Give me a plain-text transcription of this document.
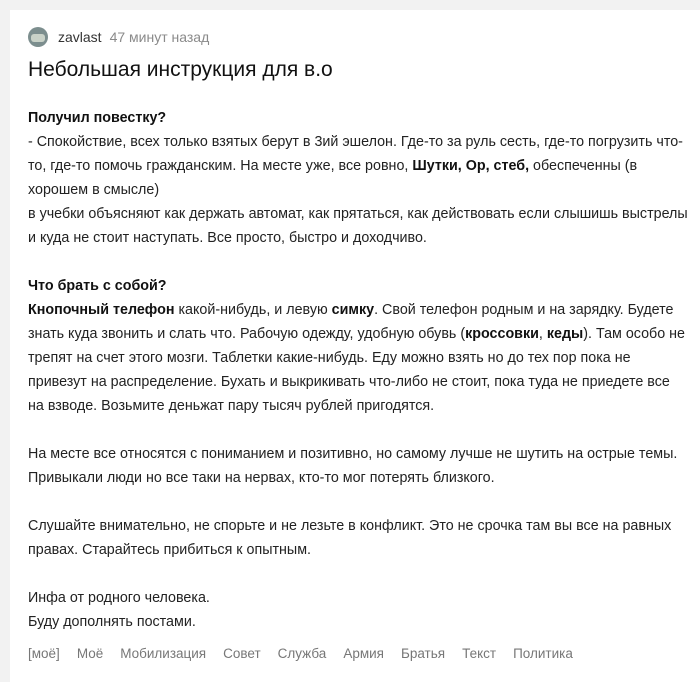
zavlast 47 минут назад
Небольшая инструкция для в.о

Получил повестку?
- Спокойствие, всех только взятых берут в 3ий эшелон. Где-то за руль сесть, где-то погрузить что-то, где-то помочь гражданским. На месте уже, все ровно, Шутки, Ор, стеб, обеспеченны (в хорошем в смысле)
в учебки объясняют как держать автомат, как прятаться, как действовать если слышишь выстрелы и куда не стоит наступать. Все просто, быстро и доходчиво.

Что брать с собой?
Кнопочный телефон какой-нибудь, и левую симку. Свой телефон родным и на зарядку. Будете знать куда звонить и слать что. Рабочую одежду, удобную обувь (кроссовки, кеды). Там особо не трепят на счет этого мозги. Таблетки какие-нибудь. Еду можно взять но до тех пор пока не привезут на распределение. Бухать и выкрикивать что-либо не стоит, пока туда не приедете все на взводе. Возьмите деньжат пару тысяч рублей пригодятся.

На месте все относятся с пониманием и позитивно, но самому лучше не шутить на острые темы. Привыкали люди но все таки на нервах, кто-то мог потерять близкого.

Слушайте внимательно, не спорьте и не лезьте в конфликт. Это не срочка там вы все на равных правах. Старайтесь прибиться к опытным.

Инфа от родного человека.
Буду дополнять постами.

[моё] Моё Мобилизация Совет Служба Армия Братья Текст Политика
